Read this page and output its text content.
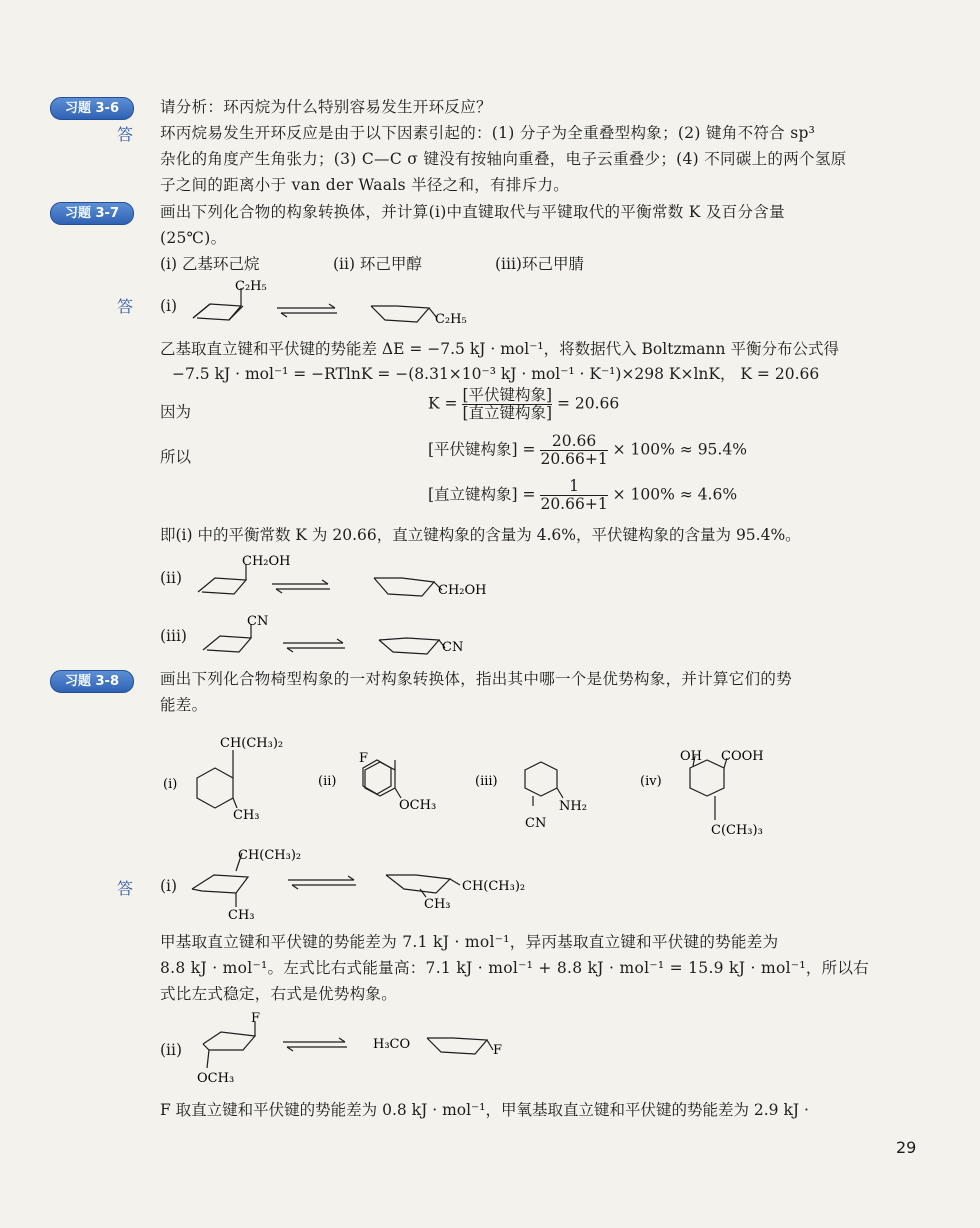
习题 3-6	请分析：环丙烷为什么特别容易发生开环反应？
答 环丙烷易发生开环反应是由于以下因素引起的：(1) 分子为全重叠型构象；(2) 键角不符合 sp³
杂化的角度产生角张力；(3) C—C σ 键没有按轴向重叠，电子云重叠少；(4) 不同碳上的两个氢原
子之间的距离小于 van der Waals 半径之和，有排斥力。
习题 3-7	画出下列化合物的构象转换体，并计算(i)中直键取代与平键取代的平衡常数 K 及百分含量
(25℃)。
(i) 乙基环己烷	(ii) 环己甲醇	(iii)环己甲腈
答 (i)
C₂H₅
C₂H₅
乙基取直立键和平伏键的势能差 ΔE = −7.5 kJ · mol⁻¹，将数据代入 Boltzmann 平衡分布公式得
−7.5 kJ · mol⁻¹ = −RTlnK = −(8.31×10⁻³ kJ · mol⁻¹ · K⁻¹)×298 K×lnK， K = 20.66
因为	$K = \frac{\text{[平伏键构象]}}{\text{[直立键构象]}} = 20.66$
所以	[平伏键构象] = $\frac{20.66}{20.66+1} \times 100\% \approx 95.4\%$
[直立键构象] = $\frac{1}{20.66+1} \times 100\% \approx 4.6\%$
即(i) 中的平衡常数 K 为 20.66，直立键构象的含量为 4.6%，平伏键构象的含量为 95.4%。
(ii)
CH₂OH
CH₂OH
(iii)
CN
CN
习题 3-8	画出下列化合物椅型构象的一对构象转换体，指出其中哪一个是优势构象，并计算它们的势
能差。
(i)
CH(CH₃)₂
CH₃
(ii)
F
OCH₃
(iii)
CN
NH₂
(iv)
OH COOH
C(CH₃)₃
答 (i)
CH(CH₃)₂
CH₃
CH(CH₃)₂
CH₃
甲基取直立键和平伏键的势能差为 7.1 kJ · mol⁻¹，异丙基取直立键和平伏键的势能差为
8.8 kJ · mol⁻¹。左式比右式能量高：7.1 kJ · mol⁻¹ + 8.8 kJ · mol⁻¹ = 15.9 kJ · mol⁻¹，所以右
式比左式稳定，右式是优势构象。
(ii)
F
OCH₃
H₃CO	F
F 取直立键和平伏键的势能差为 0.8 kJ · mol⁻¹，甲氧基取直立键和平伏键的势能差为 2.9 kJ ·
29
